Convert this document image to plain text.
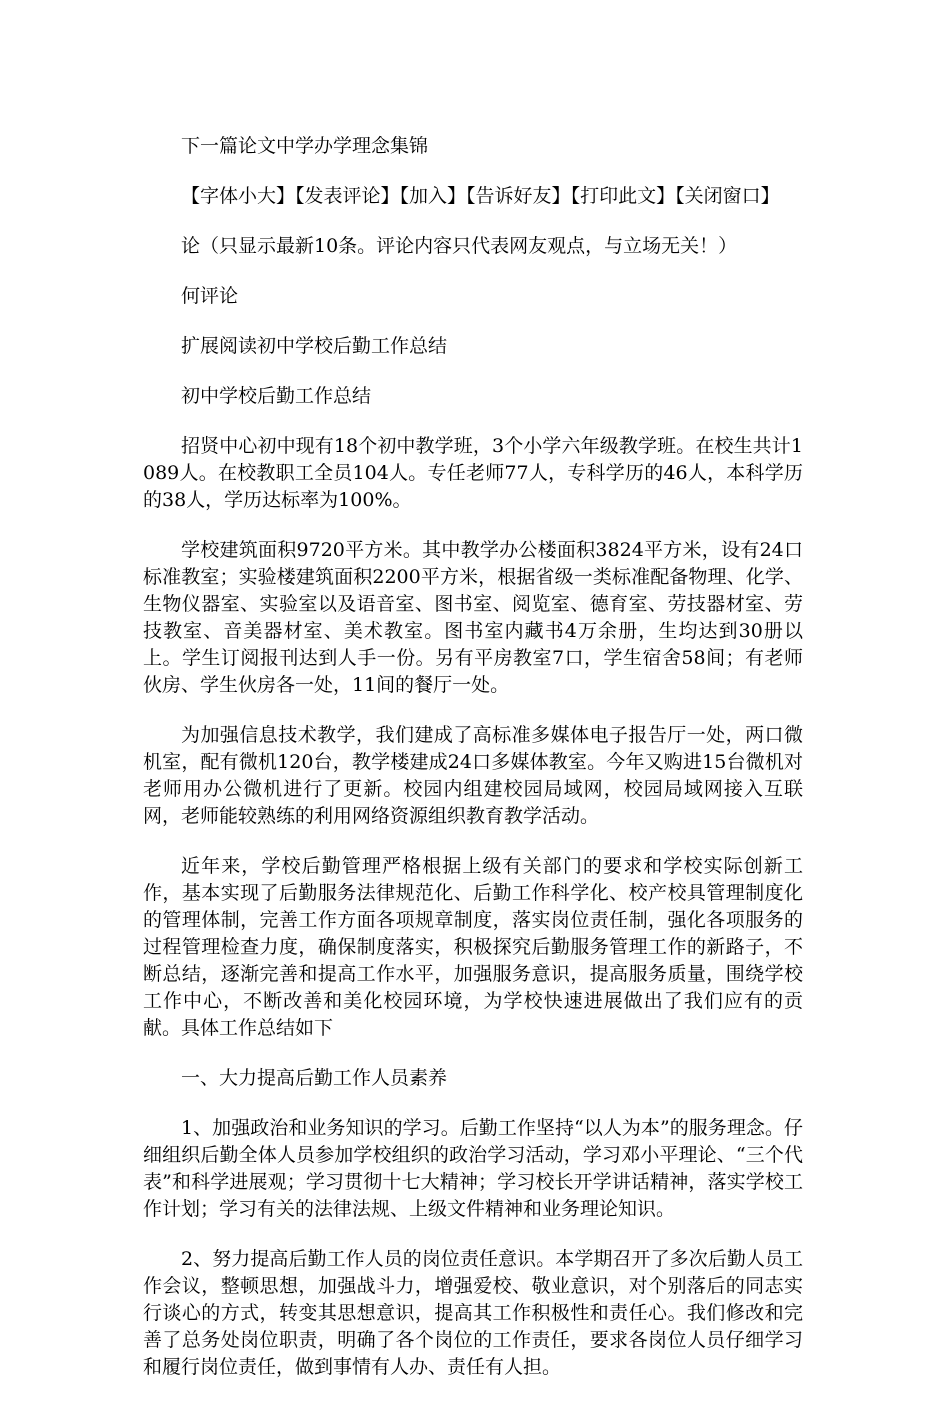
下一篇论文中学办学理念集锦

【字体小大】【发表评论】【加入】【告诉好友】【打印此文】【关闭窗口】

论（只显示最新10条。评论内容只代表网友观点，与立场无关！）

何评论

扩展阅读初中学校后勤工作总结

初中学校后勤工作总结

招贤中心初中现有18个初中教学班，3个小学六年级教学班。在校生共计1089人。在校教职工全员104人。专任老师77人，专科学历的46人，本科学历的38人，学历达标率为100%。

学校建筑面积9720平方米。其中教学办公楼面积3824平方米，设有24口标准教室；实验楼建筑面积2200平方米，根据省级一类标准配备物理、化学、生物仪器室、实验室以及语音室、图书室、阅览室、德育室、劳技器材室、劳技教室、音美器材室、美术教室。图书室内藏书4万余册，生均达到30册以上。学生订阅报刊达到人手一份。另有平房教室7口，学生宿舍58间；有老师伙房、学生伙房各一处，11间的餐厅一处。

为加强信息技术教学，我们建成了高标准多媒体电子报告厅一处，两口微机室，配有微机120台，教学楼建成24口多媒体教室。今年又购进15台微机对老师用办公微机进行了更新。校园内组建校园局域网，校园局域网接入互联网，老师能较熟练的利用网络资源组织教育教学活动。

近年来，学校后勤管理严格根据上级有关部门的要求和学校实际创新工作，基本实现了后勤服务法律规范化、后勤工作科学化、校产校具管理制度化的管理体制，完善工作方面各项规章制度，落实岗位责任制，强化各项服务的过程管理检查力度，确保制度落实，积极探究后勤服务管理工作的新路子，不断总结，逐渐完善和提高工作水平，加强服务意识，提高服务质量，围绕学校工作中心，不断改善和美化校园环境，为学校快速进展做出了我们应有的贡献。具体工作总结如下

一、大力提高后勤工作人员素养

1、加强政治和业务知识的学习。后勤工作坚持“以人为本”的服务理念。仔细组织后勤全体人员参加学校组织的政治学习活动，学习邓小平理论、“三个代表”和科学进展观；学习贯彻十七大精神；学习校长开学讲话精神，落实学校工作计划；学习有关的法律法规、上级文件精神和业务理论知识。

2、努力提高后勤工作人员的岗位责任意识。本学期召开了多次后勤人员工作会议，整顿思想，加强战斗力，增强爱校、敬业意识，对个别落后的同志实行谈心的方式，转变其思想意识，提高其工作积极性和责任心。我们修改和完善了总务处岗位职责，明确了各个岗位的工作责任，要求各岗位人员仔细学习和履行岗位责任，做到事情有人办、责任有人担。
